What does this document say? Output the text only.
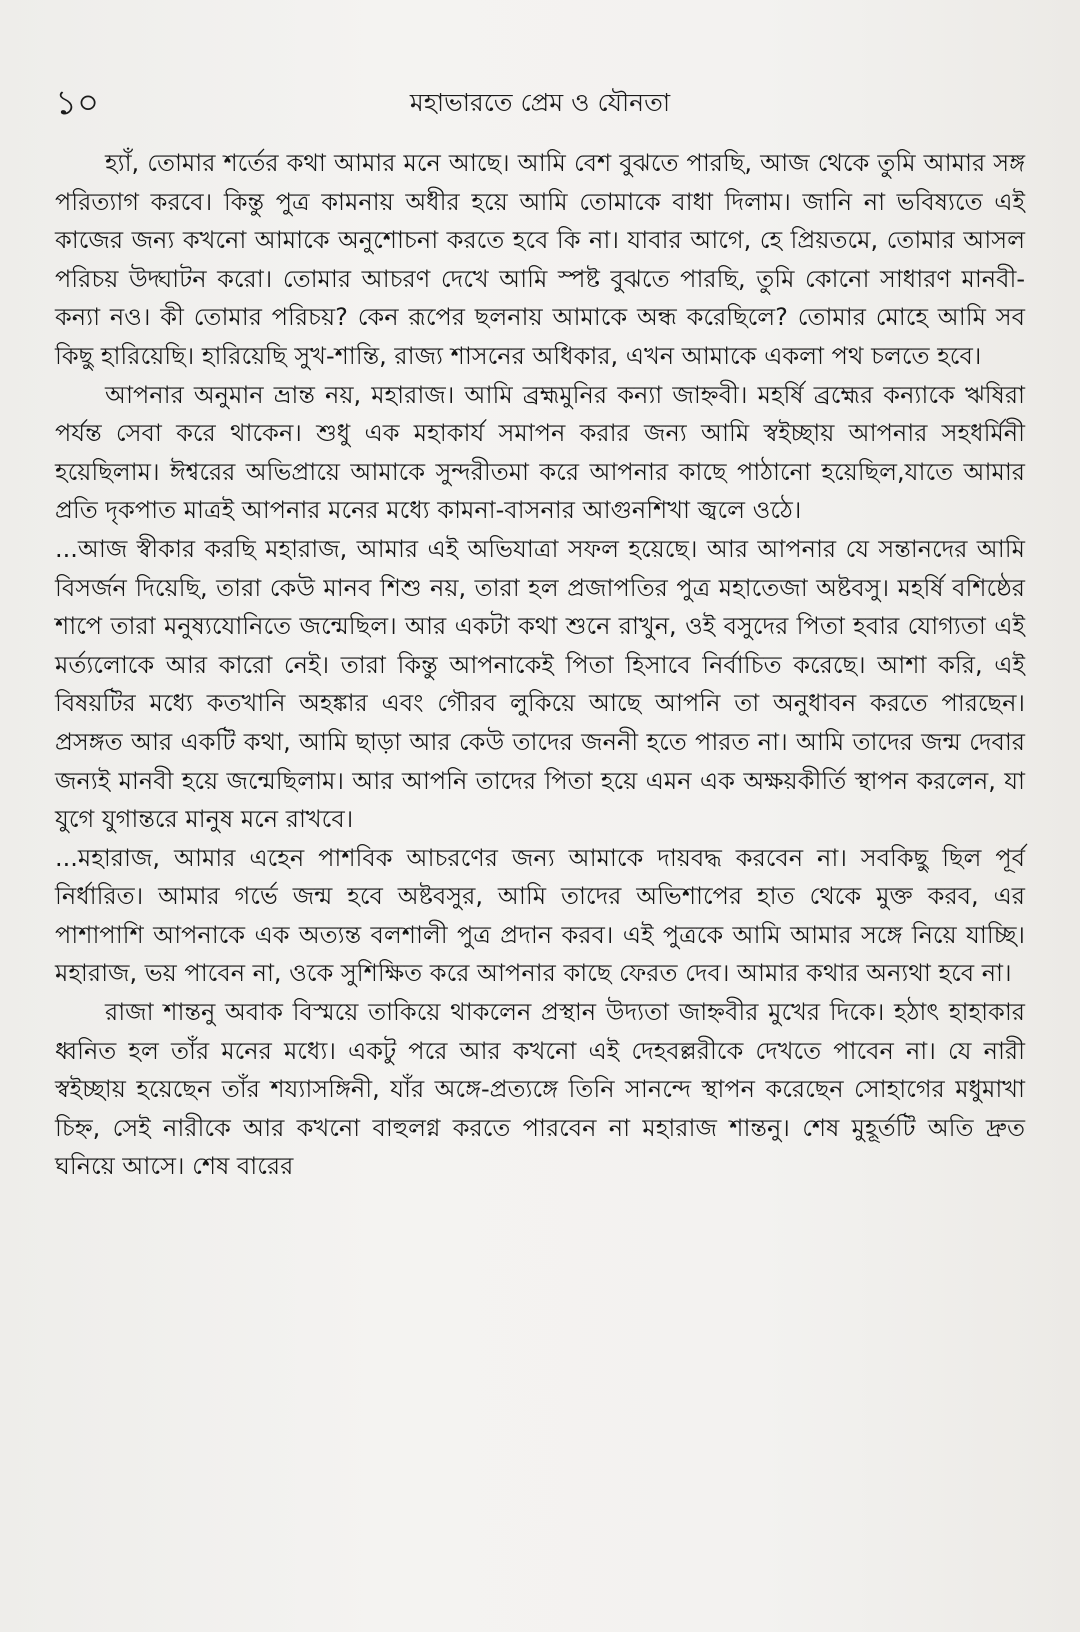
১০	মহাভারতে প্রেম ও যৌনতা

হ্যাঁ, তোমার শর্তের কথা আমার মনে আছে। আমি বেশ বুঝতে পারছি, আজ থেকে তুমি আমার সঙ্গ পরিত্যাগ করবে। কিন্তু পুত্র কামনায় অধীর হয়ে আমি তোমাকে বাধা দিলাম। জানি না ভবিষ্যতে এই কাজের জন্য কখনো আমাকে অনুশোচনা করতে হবে কি না। যাবার আগে, হে প্রিয়তমে, তোমার আসল পরিচয় উদ্ঘাটন করো। তোমার আচরণ দেখে আমি স্পষ্ট বুঝতে পারছি, তুমি কোনো সাধারণ মানবী-কন্যা নও। কী তোমার পরিচয়? কেন রূপের ছলনায় আমাকে অন্ধ করেছিলে? তোমার মোহে আমি সব কিছু হারিয়েছি। হারিয়েছি সুখ-শান্তি, রাজ্য শাসনের অধিকার, এখন আমাকে একলা পথ চলতে হবে।

আপনার অনুমান ভ্রান্ত নয়, মহারাজ। আমি ব্রহ্মমুনির কন্যা জাহ্নবী। মহর্ষি ব্রহ্মের কন্যাকে ঋষিরা পর্যন্ত সেবা করে থাকেন। শুধু এক মহাকার্য সমাপন করার জন্য আমি স্বইচ্ছায় আপনার সহধর্মিনী হয়েছিলাম। ঈশ্বরের অভিপ্রায়ে আমাকে সুন্দরীতমা করে আপনার কাছে পাঠানো হয়েছিল,যাতে আমার প্রতি দৃকপাত মাত্রই আপনার মনের মধ্যে কামনা-বাসনার আগুনশিখা জ্বলে ওঠে।

...আজ স্বীকার করছি মহারাজ, আমার এই অভিযাত্রা সফল হয়েছে। আর আপনার যে সন্তানদের আমি বিসর্জন দিয়েছি, তারা কেউ মানব শিশু নয়, তারা হল প্রজাপতির পুত্র মহাতেজা অষ্টবসু। মহর্ষি বশিষ্ঠের শাপে তারা মনুষ্যযোনিতে জন্মেছিল। আর একটা কথা শুনে রাখুন, ওই বসুদের পিতা হবার যোগ্যতা এই মর্ত্যলোকে আর কারো নেই। তারা কিন্তু আপনাকেই পিতা হিসাবে নির্বাচিত করেছে। আশা করি, এই বিষয়টির মধ্যে কতখানি অহঙ্কার এবং গৌরব লুকিয়ে আছে আপনি তা অনুধাবন করতে পারছেন। প্রসঙ্গত আর একটি কথা, আমি ছাড়া আর কেউ তাদের জননী হতে পারত না। আমি তাদের জন্ম দেবার জন্যই মানবী হয়ে জন্মেছিলাম। আর আপনি তাদের পিতা হয়ে এমন এক অক্ষয়কীর্তি স্থাপন করলেন, যা যুগে যুগান্তরে মানুষ মনে রাখবে।

...মহারাজ, আমার এহেন পাশবিক আচরণের জন্য আমাকে দায়বদ্ধ করবেন না। সবকিছু ছিল পূর্ব নির্ধারিত। আমার গর্ভে জন্ম হবে অষ্টবসুর, আমি তাদের অভিশাপের হাত থেকে মুক্ত করব, এর পাশাপাশি আপনাকে এক অত্যন্ত বলশালী পুত্র প্রদান করব। এই পুত্রকে আমি আমার সঙ্গে নিয়ে যাচ্ছি। মহারাজ, ভয় পাবেন না, ওকে সুশিক্ষিত করে আপনার কাছে ফেরত দেব। আমার কথার অন্যথা হবে না।

রাজা শান্তনু অবাক বিস্ময়ে তাকিয়ে থাকলেন প্রস্থান উদ্যতা জাহ্নবীর মুখের দিকে। হঠাৎ হাহাকার ধ্বনিত হল তাঁর মনের মধ্যে। একটু পরে আর কখনো এই দেহবল্লরীকে দেখতে পাবেন না। যে নারী স্বইচ্ছায় হয়েছেন তাঁর শয্যাসঙ্গিনী, যাঁর অঙ্গে-প্রত্যঙ্গে তিনি সানন্দে স্থাপন করেছেন সোহাগের মধুমাখা চিহ্ন, সেই নারীকে আর কখনো বাহুলগ্ন করতে পারবেন না মহারাজ শান্তনু। শেষ মুহূর্তটি অতি দ্রুত ঘনিয়ে আসে। শেষ বারের
